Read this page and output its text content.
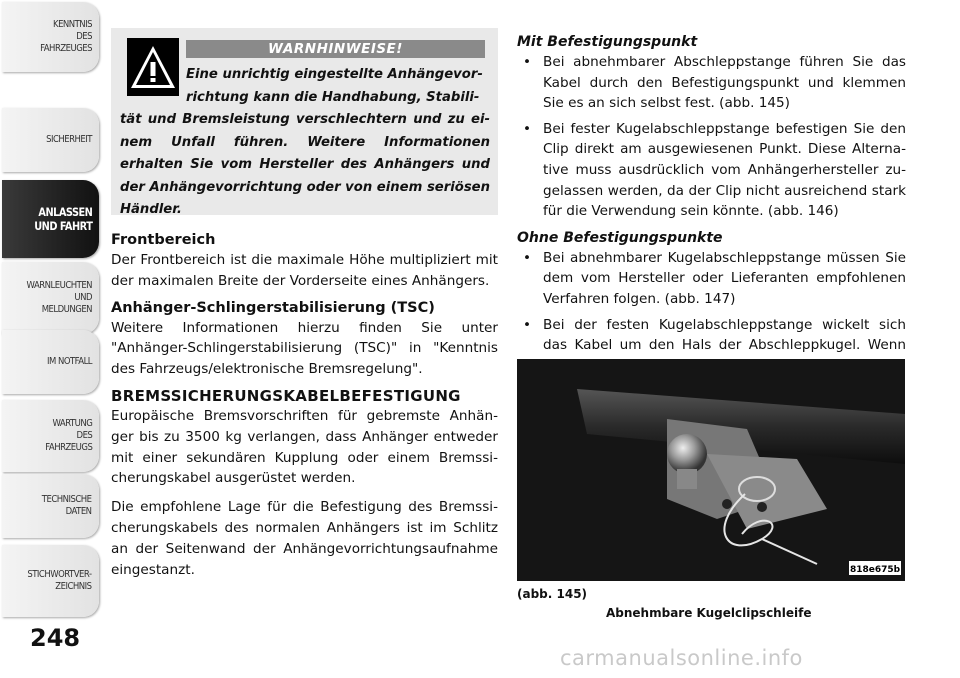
KENNTNIS
DES
FAHRZEUGES
SICHERHEIT
ANLASSEN
UND FAHRT
WARNLEUCHTEN
UND
MELDUNGEN
IM NOTFALL
WARTUNG
DES
FAHRZEUGS
TECHNISCHE
DATEN
STICHWORTVER-
ZEICHNIS
248
WARNHINWEISE!
Eine unrichtig eingestellte Anhängevor-
richtung kann die Handhabung, Stabili-
tät und Bremsleistung verschlechtern und zu ei- nem Unfall führen. Weitere Informationen erhalten Sie vom Hersteller des Anhängers und der Anhängevorrichtung oder von einem seriösen Händler.
Frontbereich

Der Frontbereich ist die maximale Höhe multipliziert mit der maximalen Breite der Vorderseite eines Anhängers.

Anhänger-Schlingerstabilisierung (TSC)

Weitere Informationen hierzu finden Sie unter "Anhänger-Schlingerstabilisierung (TSC)" in "Kenntnis des Fahrzeugs/elektronische Bremsregelung".

BREMSSICHERUNGSKABELBEFESTIGUNG

Europäische Bremsvorschriften für gebremste Anhän- ger bis zu 3500 kg verlangen, dass Anhänger entweder mit einer sekundären Kupplung oder einem Bremssi- cherungskabel ausgerüstet werden.

Die empfohlene Lage für die Befestigung des Bremssi- cherungskabels des normalen Anhängers ist im Schlitz an der Seitenwand der Anhängevorrichtungsaufnahme eingestanzt.

Mit Befestigungspunkt
• Bei abnehmbarer Abschleppstange führen Sie das Kabel durch den Befestigungspunkt und klemmen Sie es an sich selbst fest. (abb. 145)
• Bei fester Kugelabschleppstange befestigen Sie den Clip direkt am ausgewiesenen Punkt. Diese Alterna- tive muss ausdrücklich vom Anhängerhersteller zu- gelassen werden, da der Clip nicht ausreichend stark für die Verwendung sein könnte. (abb. 146)
Ohne Befestigungspunkte
• Bei abnehmbarer Kugelabschleppstange müssen Sie dem vom Hersteller oder Lieferanten empfohlenen Verfahren folgen. (abb. 147)
• Bei der festen Kugelabschleppstange wickelt sich das Kabel um den Hals der Abschleppkugel. Wenn
818e675b
(abb. 145)
Abnehmbare Kugelclipschleife
carmanualsonline.info
